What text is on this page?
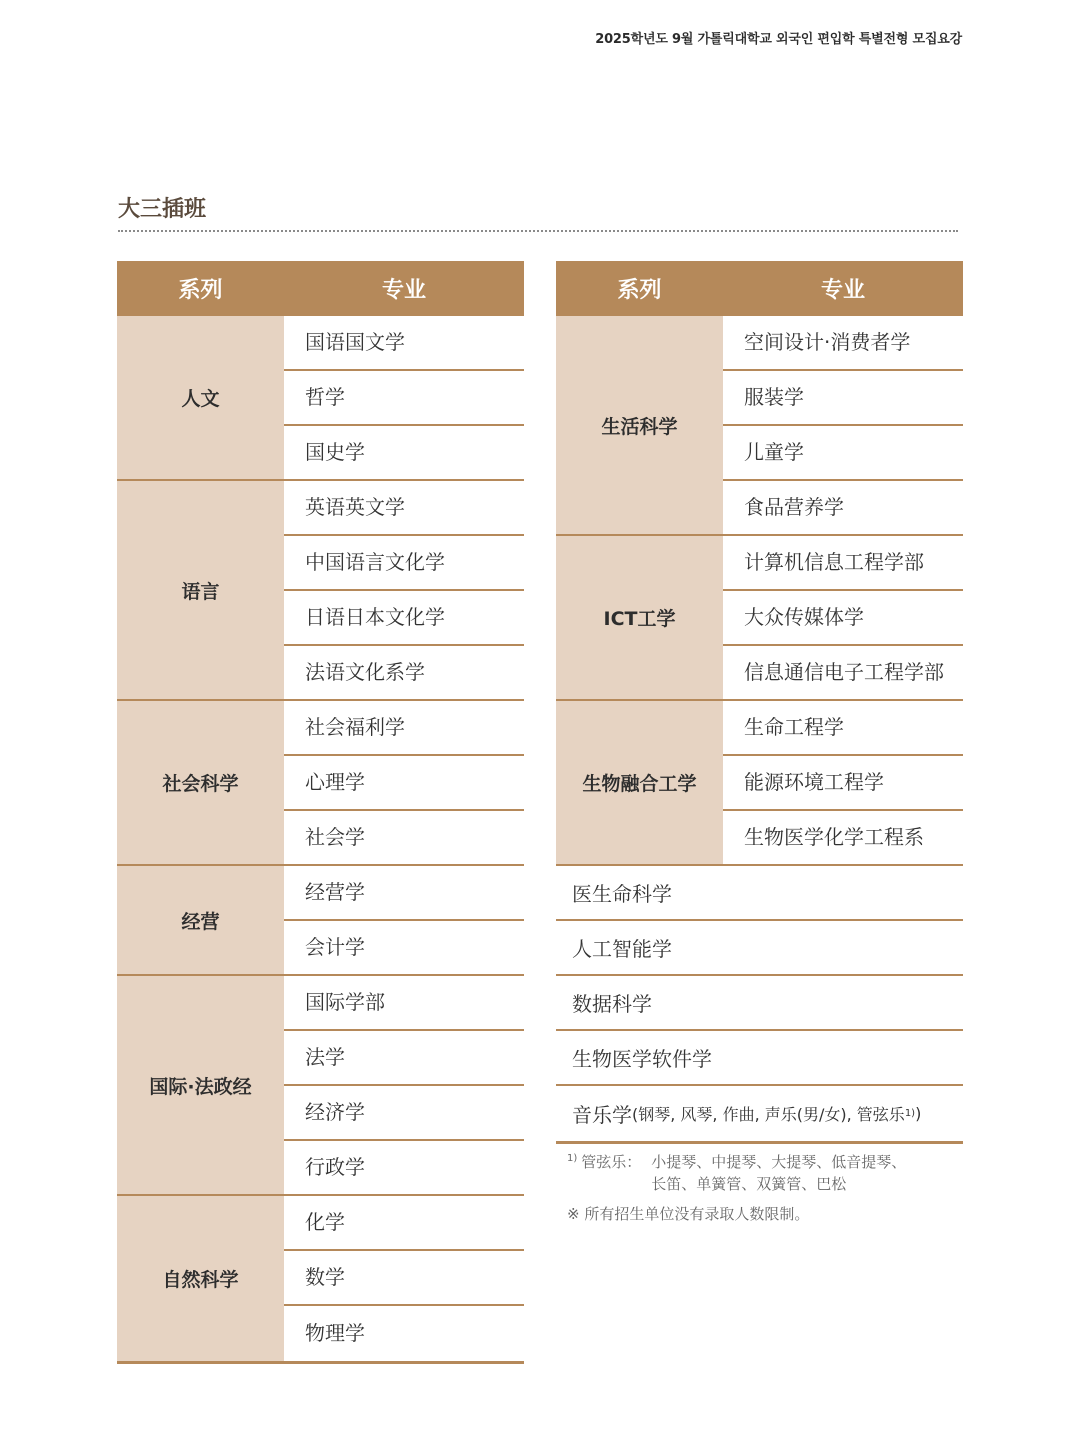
2025학년도 9월 가톨릭대학교 외국인 편입학 특별전형 모집요강
大三插班
系列	专业
人文
国语国文学
哲学
国史学
语言
英语英文学
中国语言文化学
日语日本文化学
法语文化系学
社会科学
社会福利学
心理学
社会学
经营
经营学
会计学
国际·法政经
国际学部
法学
经济学
行政学
自然科学
化学
数学
物理学
系列	专业
生活科学
空间设计·消费者学
服装学
儿童学
食品营养学
ICT工学
计算机信息工程学部
大众传媒体学
信息通信电子工程学部
生物融合工学
生命工程学
能源环境工程学
生物医学化学工程系
医生命科学
人工智能学
数据科学
生物医学软件学
音乐学 (钢琴, 风琴, 作曲, 声乐(男/女), 管弦乐 1) )
1) 管弦乐： 小提琴、中提琴、大提琴、低音提琴、
长笛、单簧管、双簧管、巴松
※ 所有招生单位没有录取人数限制。
